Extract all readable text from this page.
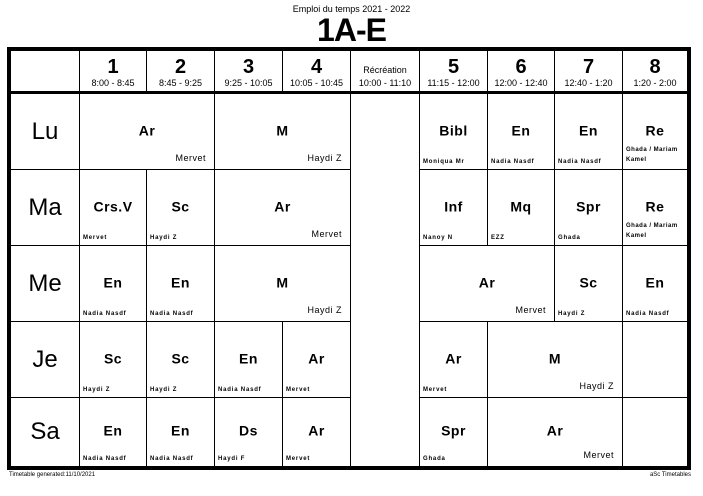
Emploi du temps 2021 - 2022
1A-E
1
8:00 - 8:45
2
8:45 - 9:25
3
9:25 - 10:05
4
10:05 - 10:45
Récréation
10:00 - 11:10
5
11:15 - 12:00
6
12:00 - 12:40
7
12:40 - 1:20
8
1:20 - 2:00
Lu
Ma
Me
Je
Sa
Ar
Mervet
M
Haydi Z
Bibl
Moniqua Mr
En
Nadia Nasdf
En
Nadia Nasdf
Re
Ghada / Mariam Kamel
Crs.V
Mervet
Sc
Haydi Z
Ar
Mervet
Inf
Nanoy N
Mq
EZZ
Spr
Ghada
Re
Ghada / Mariam Kamel
En
Nadia Nasdf
En
Nadia Nasdf
M
Haydi Z
Ar
Mervet
Sc
Haydi Z
En
Nadia Nasdf
Sc
Haydi Z
Sc
Haydi Z
En
Nadia Nasdf
Ar
Mervet
Ar
Mervet
M
Haydi Z
En
Nadia Nasdf
En
Nadia Nasdf
Ds
Haydi F
Ar
Mervet
Spr
Ghada
Ar
Mervet
Timetable generated:11/10/2021	aSc Timetables
